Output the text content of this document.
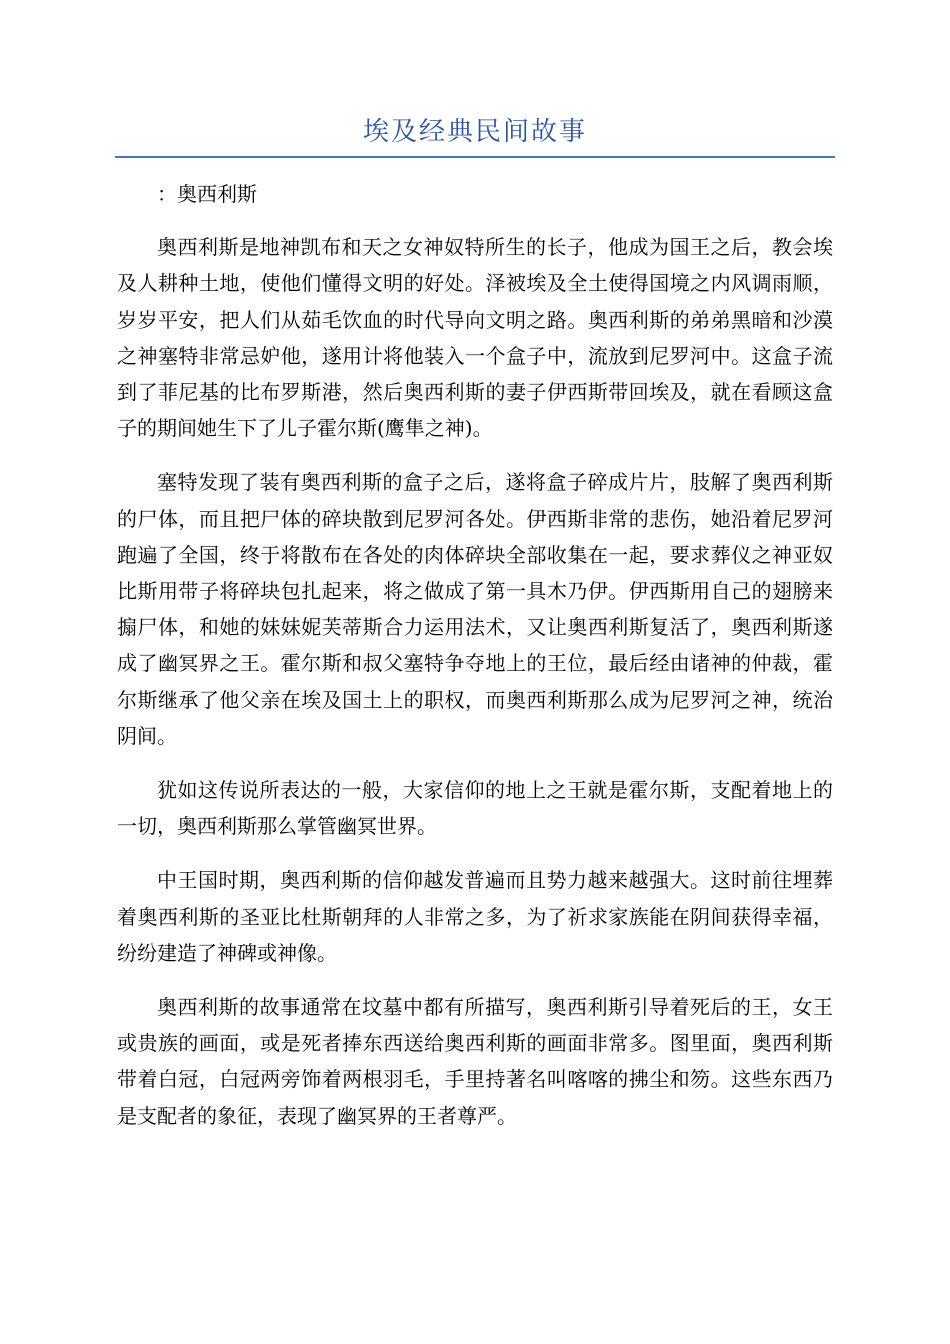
埃及经典民间故事

：奥西利斯

奥西利斯是地神凯布和天之女神奴特所生的长子，他成为国王之后，教会埃及人耕种土地，使他们懂得文明的好处。泽被埃及全土使得国境之内风调雨顺，岁岁平安，把人们从茹毛饮血的时代导向文明之路。奥西利斯的弟弟黑暗和沙漠之神塞特非常忌妒他，遂用计将他装入一个盒子中，流放到尼罗河中。这盒子流到了菲尼基的比布罗斯港，然后奥西利斯的妻子伊西斯带回埃及，就在看顾这盒子的期间她生下了儿子霍尔斯(鹰隼之神)。

塞特发现了装有奥西利斯的盒子之后，遂将盒子碎成片片，肢解了奥西利斯的尸体，而且把尸体的碎块散到尼罗河各处。伊西斯非常的悲伤，她沿着尼罗河跑遍了全国，终于将散布在各处的肉体碎块全部收集在一起，要求葬仪之神亚奴比斯用带子将碎块包扎起来，将之做成了第一具木乃伊。伊西斯用自己的翅膀来搧尸体，和她的妹妹妮芙蒂斯合力运用法术，又让奥西利斯复活了，奥西利斯遂成了幽冥界之王。霍尔斯和叔父塞特争夺地上的王位，最后经由诸神的仲裁，霍尔斯继承了他父亲在埃及国土上的职权，而奥西利斯那么成为尼罗河之神，统治阴间。

犹如这传说所表达的一般，大家信仰的地上之王就是霍尔斯，支配着地上的一切，奥西利斯那么掌管幽冥世界。

中王国时期，奥西利斯的信仰越发普遍而且势力越来越强大。这时前往埋葬着奥西利斯的圣亚比杜斯朝拜的人非常之多，为了祈求家族能在阴间获得幸福，纷纷建造了神碑或神像。

奥西利斯的故事通常在坟墓中都有所描写，奥西利斯引导着死后的王，女王或贵族的画面，或是死者捧东西送给奥西利斯的画面非常多。图里面，奥西利斯带着白冠，白冠两旁饰着两根羽毛，手里持著名叫喀喀的拂尘和笏。这些东西乃是支配者的象征，表现了幽冥界的王者尊严。
